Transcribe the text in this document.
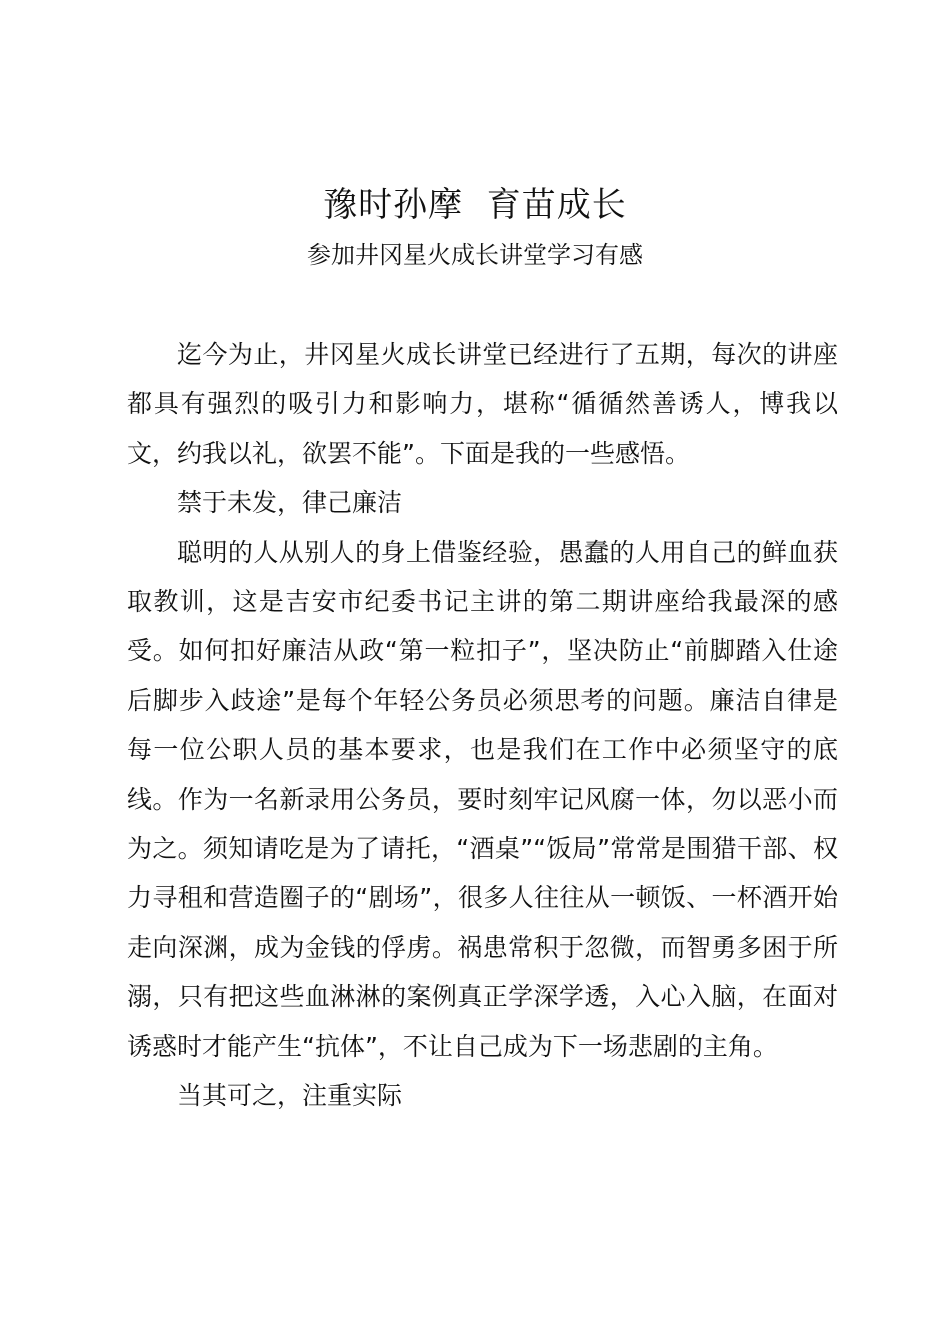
豫时孙摩  育苗成长
参加井冈星火成长讲堂学习有感

迄今为止，井冈星火成长讲堂已经进行了五期，每次的讲座都具有强烈的吸引力和影响力，堪称“循循然善诱人，博我以文，约我以礼，欲罢不能”。下面是我的一些感悟。

禁于未发，律己廉洁

聪明的人从别人的身上借鉴经验，愚蠢的人用自己的鲜血获取教训，这是吉安市纪委书记主讲的第二期讲座给我最深的感受。如何扣好廉洁从政“第一粒扣子”，坚决防止“前脚踏入仕途后脚步入歧途”是每个年轻公务员必须思考的问题。廉洁自律是每一位公职人员的基本要求，也是我们在工作中必须坚守的底线。作为一名新录用公务员，要时刻牢记风腐一体，勿以恶小而为之。须知请吃是为了请托，“酒桌”“饭局”常常是围猎干部、权力寻租和营造圈子的“剧场”，很多人往往从一顿饭、一杯酒开始走向深渊，成为金钱的俘虏。祸患常积于忽微，而智勇多困于所溺，只有把这些血淋淋的案例真正学深学透，入心入脑，在面对诱惑时才能产生“抗体”，不让自己成为下一场悲剧的主角。

当其可之，注重实际
